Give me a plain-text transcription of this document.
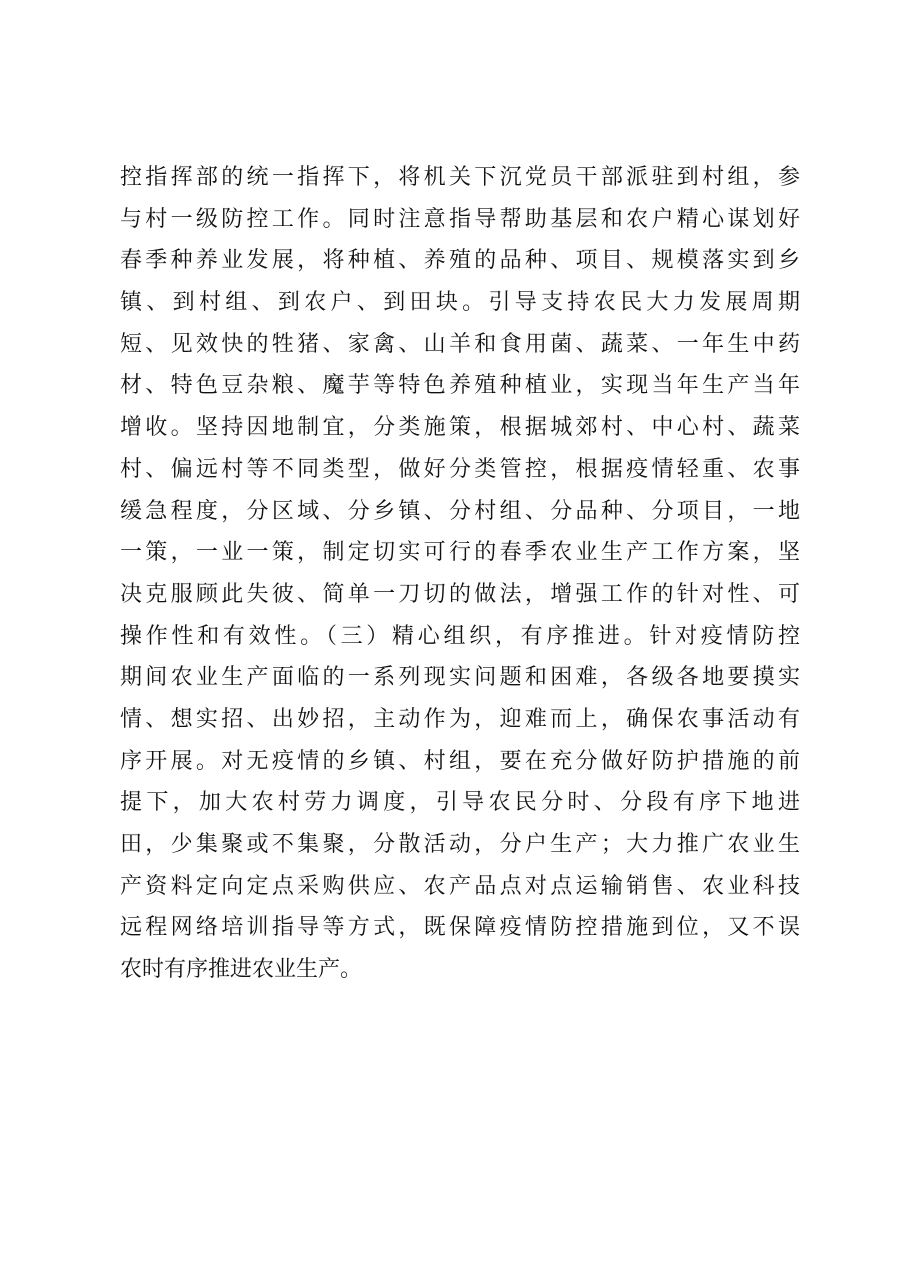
控指挥部的统一指挥下，将机关下沉党员干部派驻到村组，参
与村一级防控工作。同时注意指导帮助基层和农户精心谋划好
春季种养业发展，将种植、养殖的品种、项目、规模落实到乡
镇、到村组、到农户、到田块。引导支持农民大力发展周期
短、见效快的牲猪、家禽、山羊和食用菌、蔬菜、一年生中药
材、特色豆杂粮、魔芋等特色养殖种植业，实现当年生产当年
增收。坚持因地制宜，分类施策，根据城郊村、中心村、蔬菜
村、偏远村等不同类型，做好分类管控，根据疫情轻重、农事
缓急程度，分区域、分乡镇、分村组、分品种、分项目，一地
一策，一业一策，制定切实可行的春季农业生产工作方案，坚
决克服顾此失彼、简单一刀切的做法，增强工作的针对性、可
操作性和有效性。（三）精心组织，有序推进。针对疫情防控
期间农业生产面临的一系列现实问题和困难，各级各地要摸实
情、想实招、出妙招，主动作为，迎难而上，确保农事活动有
序开展。对无疫情的乡镇、村组，要在充分做好防护措施的前
提下，加大农村劳力调度，引导农民分时、分段有序下地进
田，少集聚或不集聚，分散活动，分户生产；大力推广农业生
产资料定向定点采购供应、农产品点对点运输销售、农业科技
远程网络培训指导等方式，既保障疫情防控措施到位，又不误
农时有序推进农业生产。
